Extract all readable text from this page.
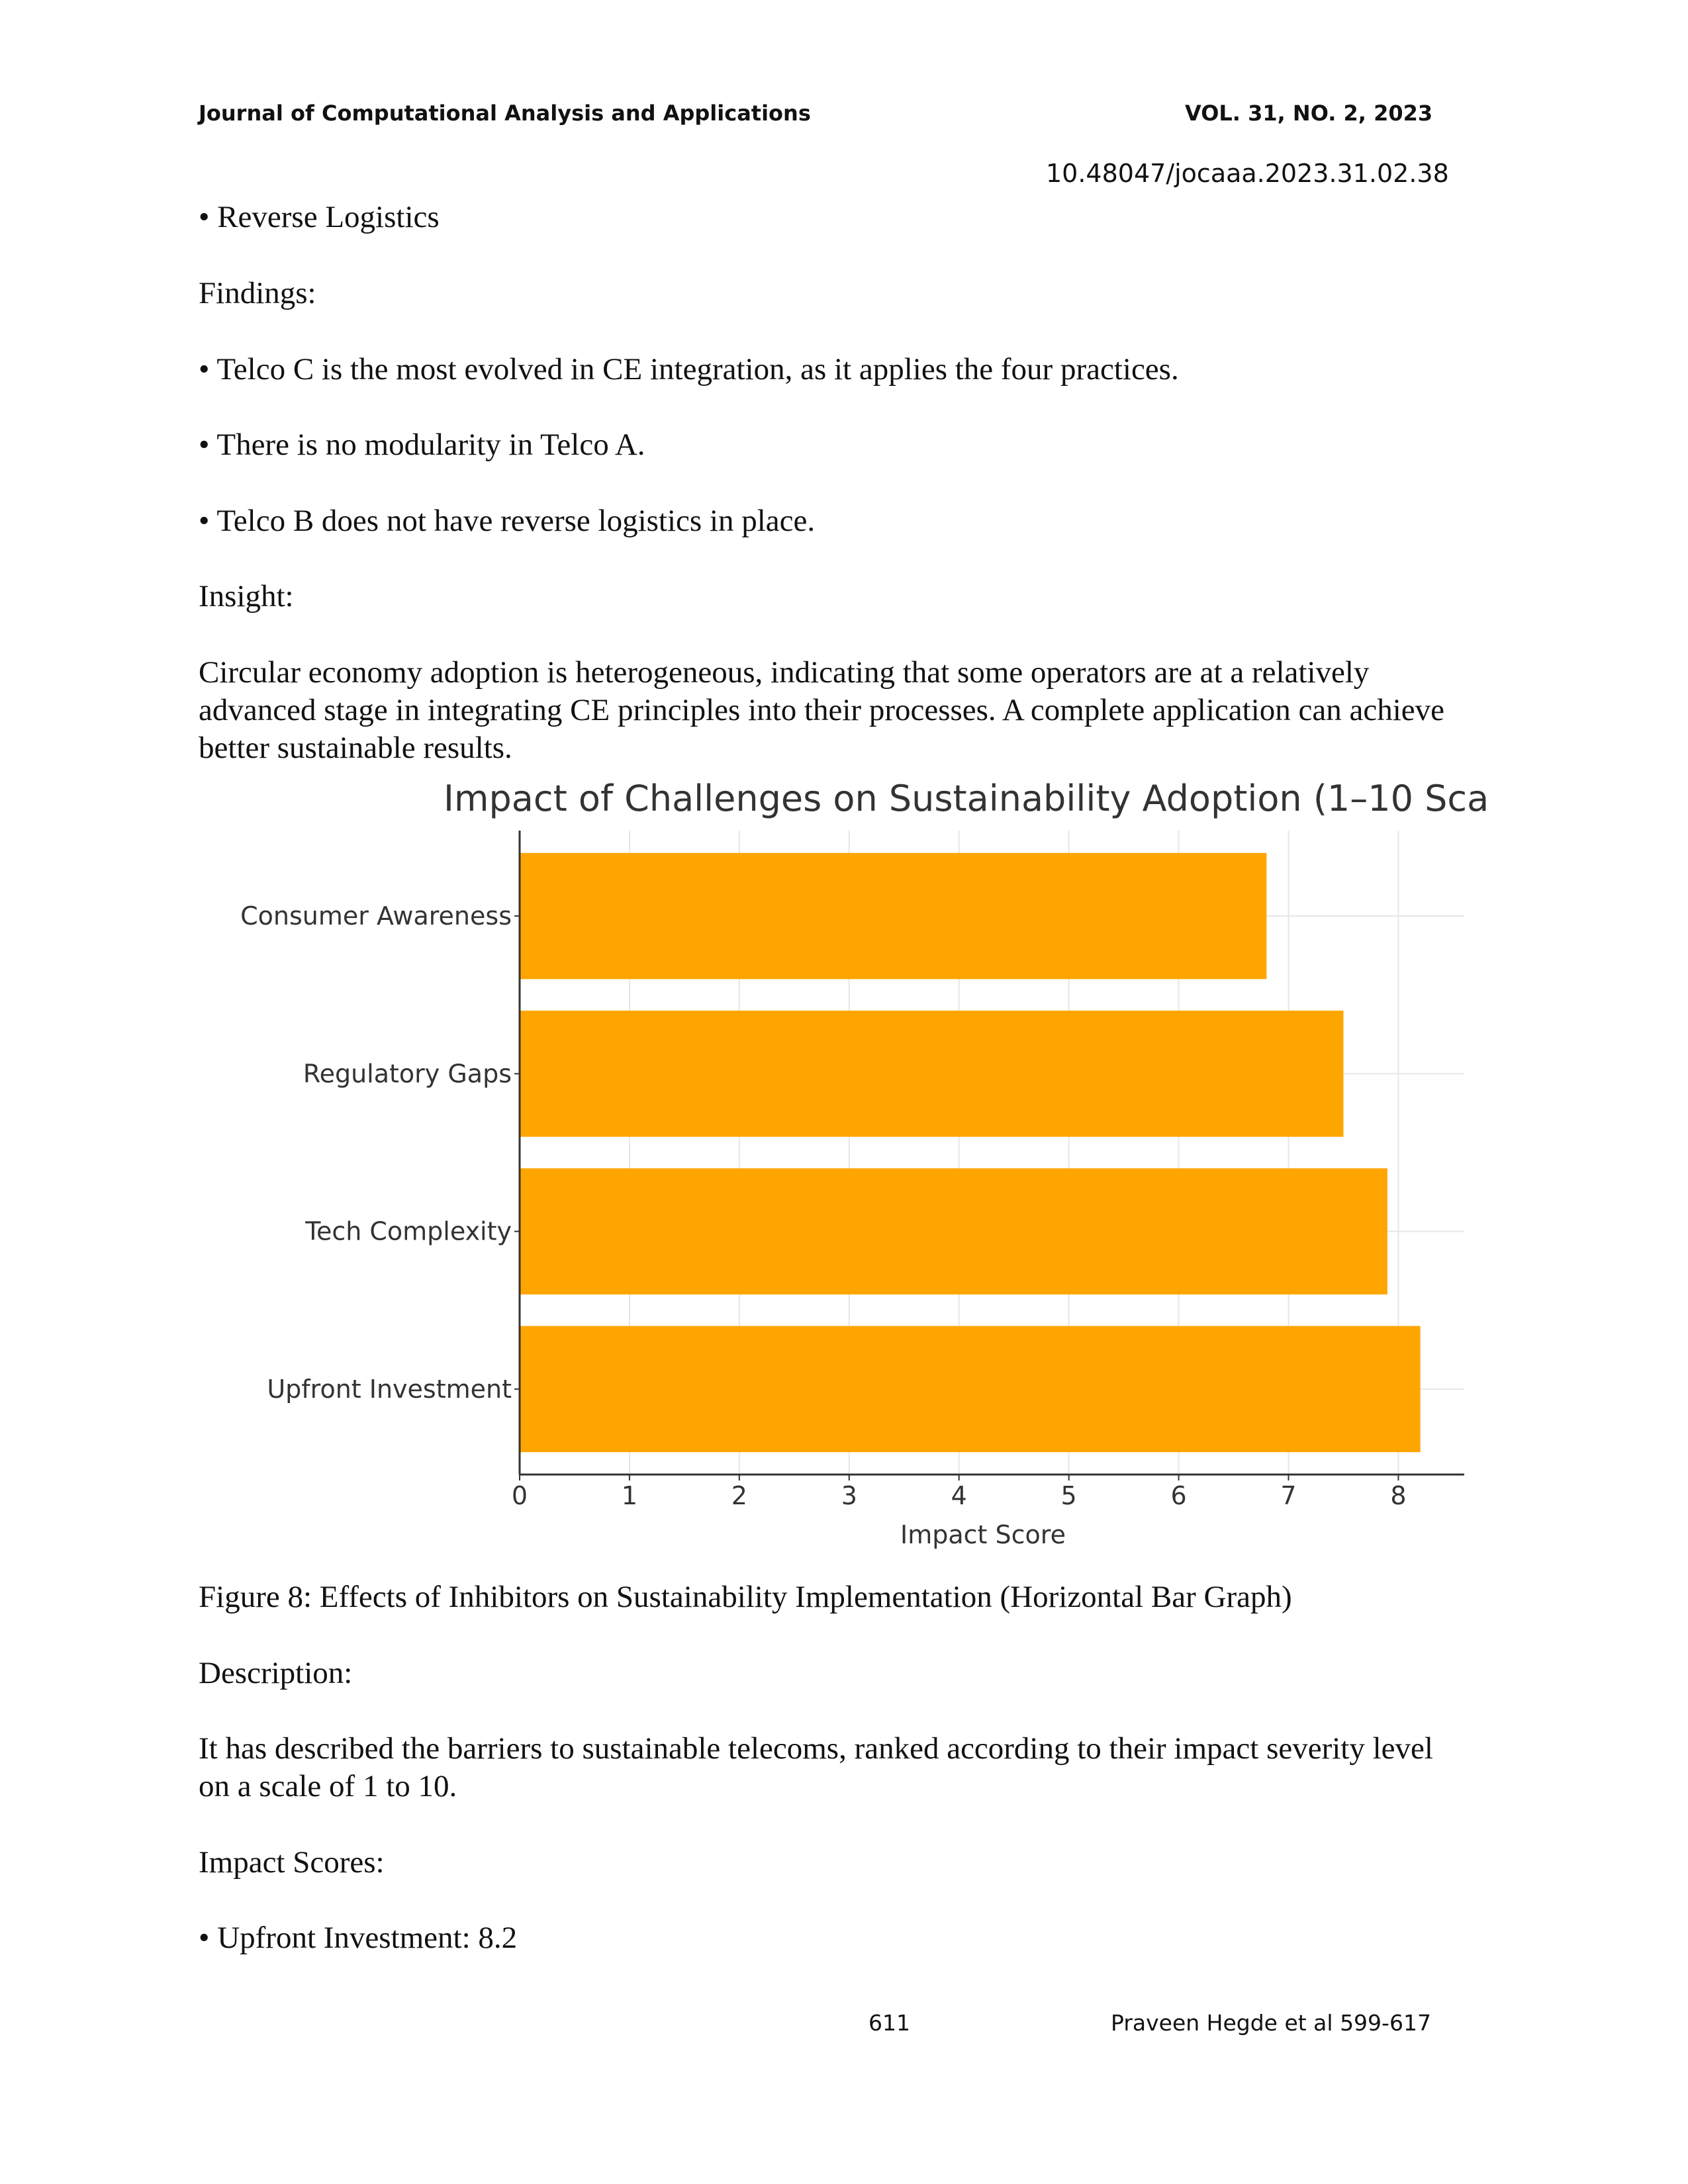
Journal of Computational Analysis and Applications	VOL. 31, NO. 2, 2023
10.48047/jocaaa.2023.31.02.38

• Reverse Logistics

Findings:

• Telco C is the most evolved in CE integration, as it applies the four practices.

• There is no modularity in Telco A.

• Telco B does not have reverse logistics in place.

Insight:

Circular economy adoption is heterogeneous, indicating that some operators are at a relatively advanced stage in integrating CE principles into their processes. A complete application can achieve better sustainable results.

Impact of Challenges on Sustainability Adoption (1–10 Sca
Consumer Awareness
Regulatory Gaps
Tech Complexity
Upfront Investment
0	1	2	3	4	5	6	7	8
Impact Score

Figure 8: Effects of Inhibitors on Sustainability Implementation (Horizontal Bar Graph)

Description:

It has described the barriers to sustainable telecoms, ranked according to their impact severity level on a scale of 1 to 10.

Impact Scores:

• Upfront Investment: 8.2

611	Praveen Hegde et al 599-617
